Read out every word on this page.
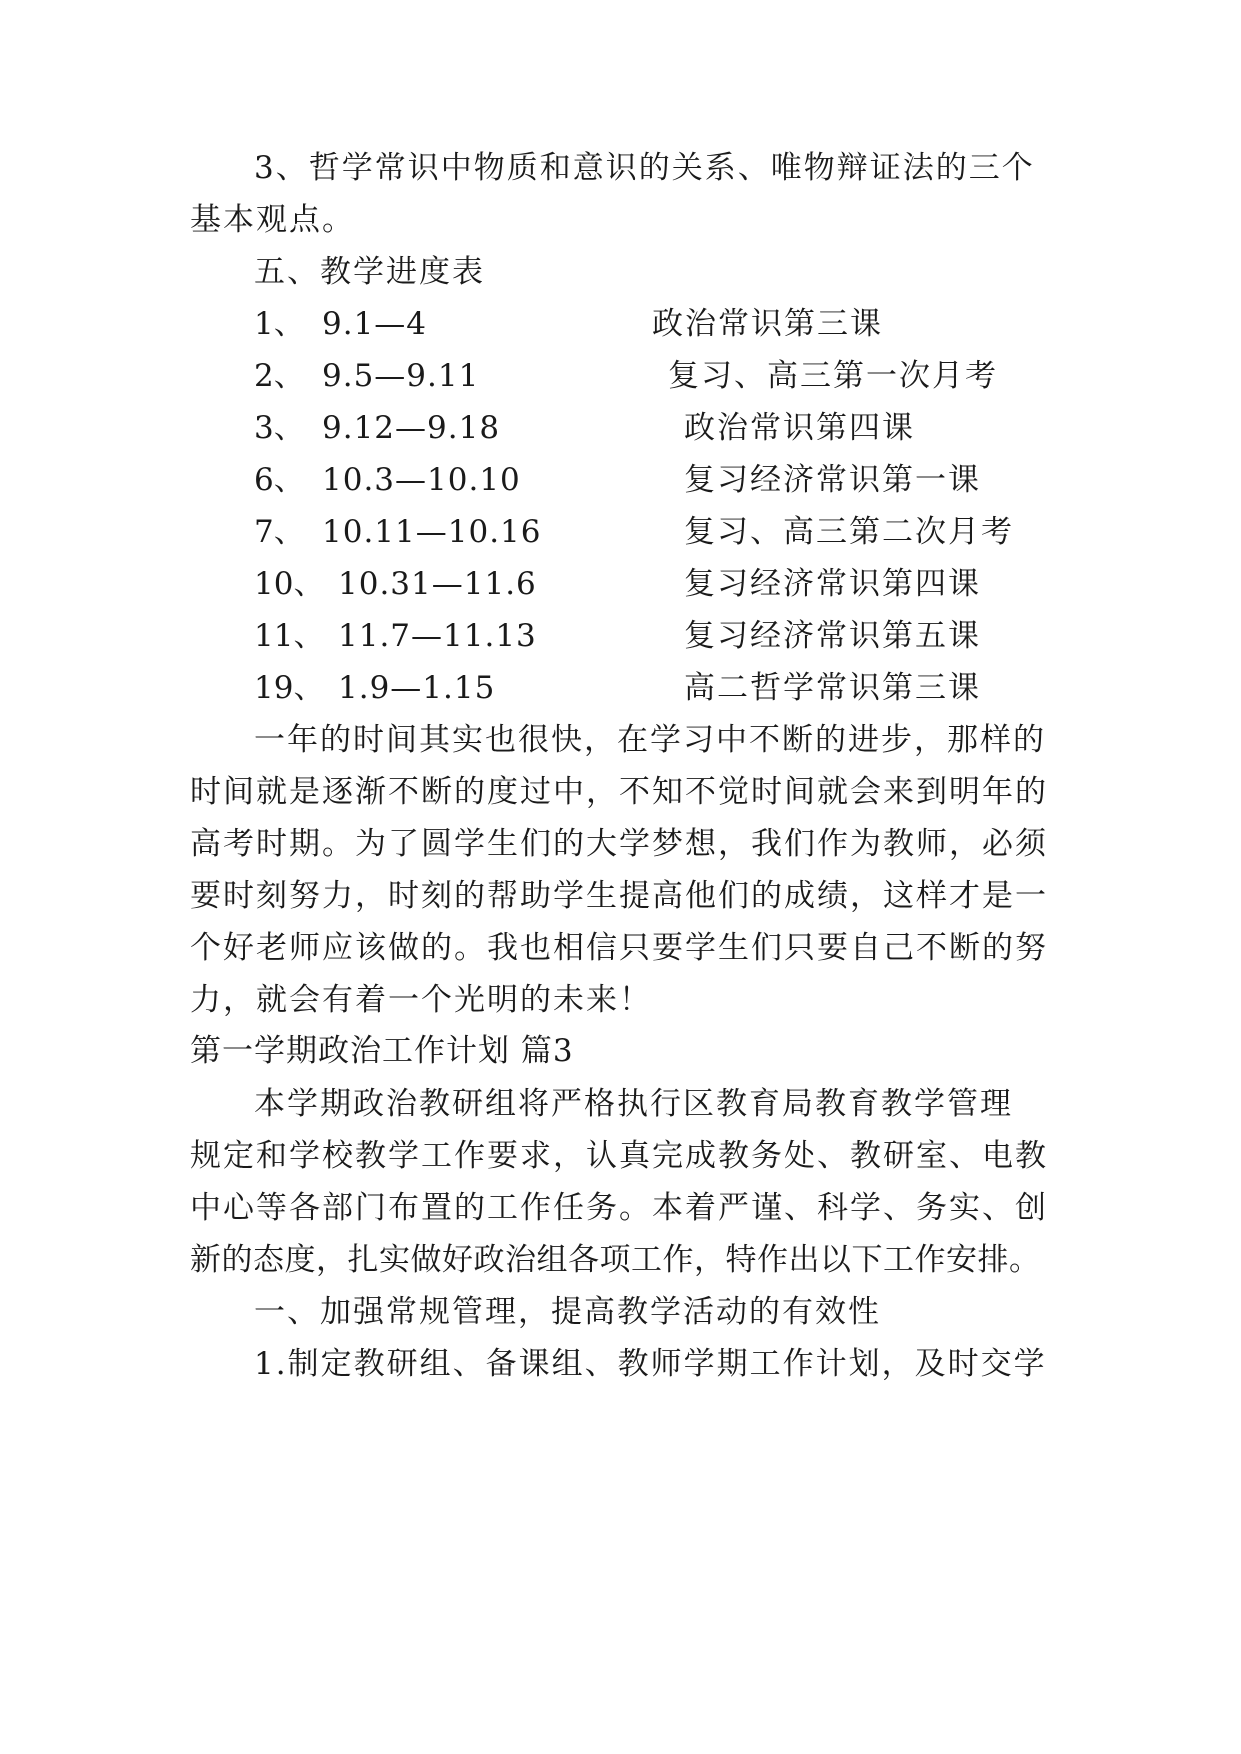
3、哲学常识中物质和意识的关系、唯物辩证法的三个
基本观点。
五、教学进度表
1、 9.1—4	政治常识第三课
2、 9.5—9.11	复习、高三第一次月考
3、 9.12—9.18	政治常识第四课
6、 10.3—10.10	复习经济常识第一课
7、 10.11—10.16	复习、高三第二次月考
10、 10.31—11.6	复习经济常识第四课
11、 11.7—11.13	复习经济常识第五课
19、 1.9—1.15	高二哲学常识第三课
一年的时间其实也很快，在学习中不断的进步，那样的
时间就是逐渐不断的度过中，不知不觉时间就会来到明年的
高考时期。为了圆学生们的大学梦想，我们作为教师，必须
要时刻努力，时刻的帮助学生提高他们的成绩，这样才是一
个好老师应该做的。我也相信只要学生们只要自己不断的努
力，就会有着一个光明的未来！
第一学期政治工作计划 篇3
本学期政治教研组将严格执行区教育局教育教学管理
规定和学校教学工作要求，认真完成教务处、教研室、电教
中心等各部门布置的工作任务。本着严谨、科学、务实、创
新的态度，扎实做好政治组各项工作，特作出以下工作安排。
一、加强常规管理，提高教学活动的有效性
1.制定教研组、备课组、教师学期工作计划，及时交学
